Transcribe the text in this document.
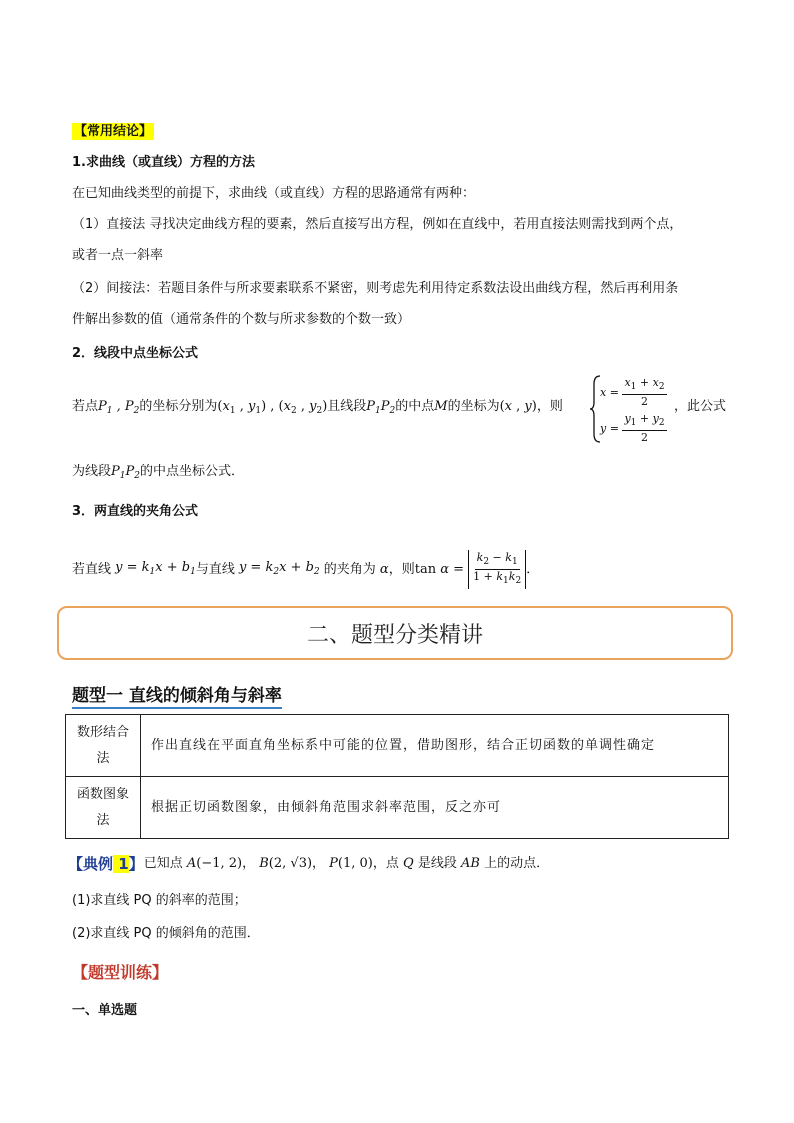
【常用结论】
1.求曲线（或直线）方程的方法
在已知曲线类型的前提下，求曲线（或直线）方程的思路通常有两种：
（1）直接法 寻找决定曲线方程的要素，然后直接写出方程，例如在直线中，若用直接法则需找到两个点，
或者一点一斜率
（2）间接法：若题目条件与所求要素联系不紧密，则考虑先利用待定系数法设出曲线方程，然后再利用条
件解出参数的值（通常条件的个数与所求参数的个数一致）
2．线段中点坐标公式
若点$P_1$ , $P_2$的坐标分别为($x_1$ , $y_1$) , ($x_2$ , $y_2$)且线段$P_1P_2$的中点M的坐标为(x , y)，则
$x = \frac{x_1 + x_2}{2}$
$y = \frac{y_1 + y_2}{2}$
，此公式
为线段$P_1P_2$的中点坐标公式．
3．两直线的夹角公式
若直线 $y = k_1x + b_1$ 与直线 $y = k_2x + b_2$ 的夹角为 α ，则 $\tan \alpha = \frac{k_2 - k_1}{1 + k_1k_2}$ ．
二、题型分类精讲
题型一 直线的倾斜角与斜率
数形结合
法	作出直线在平面直角坐标系中可能的位置，借助图形，结合正切函数的单调性确定

函数图象
法	根据正切函数图象，由倾斜角范围求斜率范围，反之亦可
【典例 1】 已知点 A(−1, 2)， B(2, √3)， P(1, 0) ，点 Q 是线段 AB 上的动点．
(1)求直线 PQ 的斜率的范围；
(2)求直线 PQ 的倾斜角的范围．
【题型训练】
一、单选题
